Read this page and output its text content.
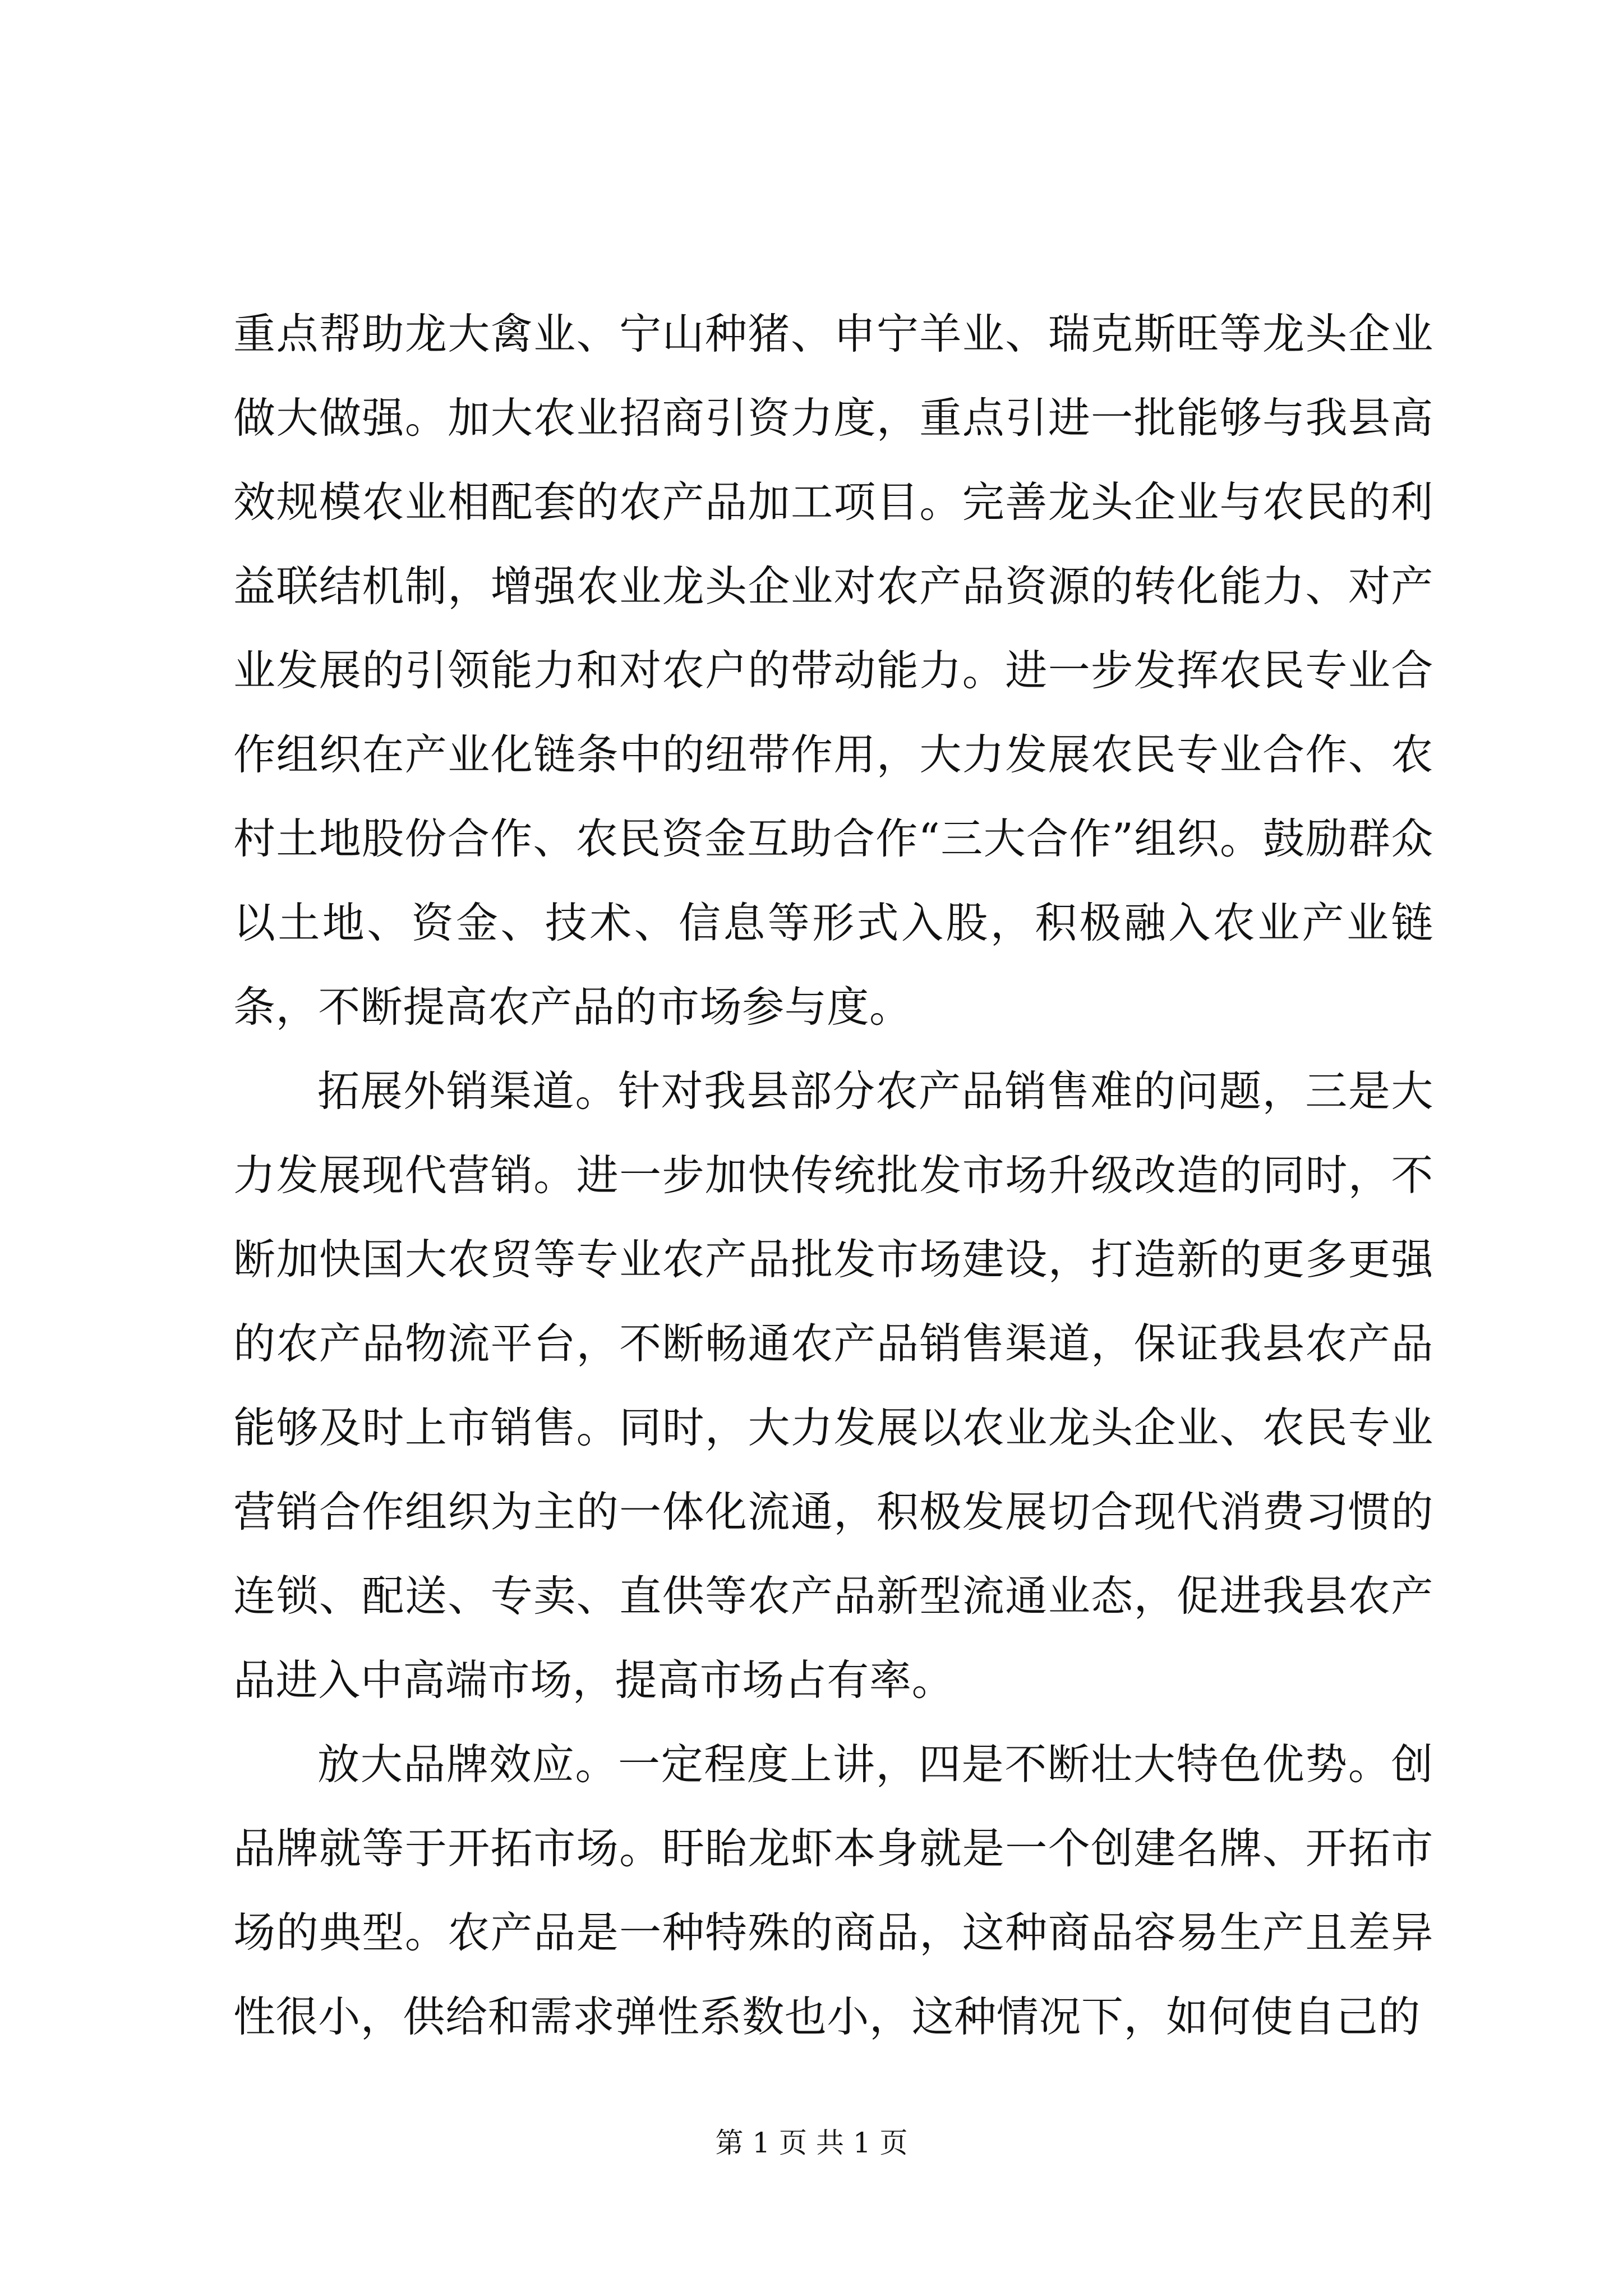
重点帮助龙大禽业、宁山种猪、申宁羊业、瑞克斯旺等龙头企业做大做强。加大农业招商引资力度，重点引进一批能够与我县高效规模农业相配套的农产品加工项目。完善龙头企业与农民的利益联结机制，增强农业龙头企业对农产品资源的转化能力、对产业发展的引领能力和对农户的带动能力。进一步发挥农民专业合作组织在产业化链条中的纽带作用，大力发展农民专业合作、农村土地股份合作、农民资金互助合作“三大合作”组织。鼓励群众以土地、资金、技术、信息等形式入股，积极融入农业产业链条，不断提高农产品的市场参与度。

拓展外销渠道。针对我县部分农产品销售难的问题，三是大力发展现代营销。进一步加快传统批发市场升级改造的同时，不断加快国大农贸等专业农产品批发市场建设，打造新的更多更强的农产品物流平台，不断畅通农产品销售渠道，保证我县农产品能够及时上市销售。同时，大力发展以农业龙头企业、农民专业营销合作组织为主的一体化流通，积极发展切合现代消费习惯的连锁、配送、专卖、直供等农产品新型流通业态，促进我县农产品进入中高端市场，提高市场占有率。

放大品牌效应。一定程度上讲，四是不断壮大特色优势。创品牌就等于开拓市场。盱眙龙虾本身就是一个创建名牌、开拓市场的典型。农产品是一种特殊的商品，这种商品容易生产且差异性很小，供给和需求弹性系数也小，这种情况下，如何使自己的

第 1 页 共 1 页
